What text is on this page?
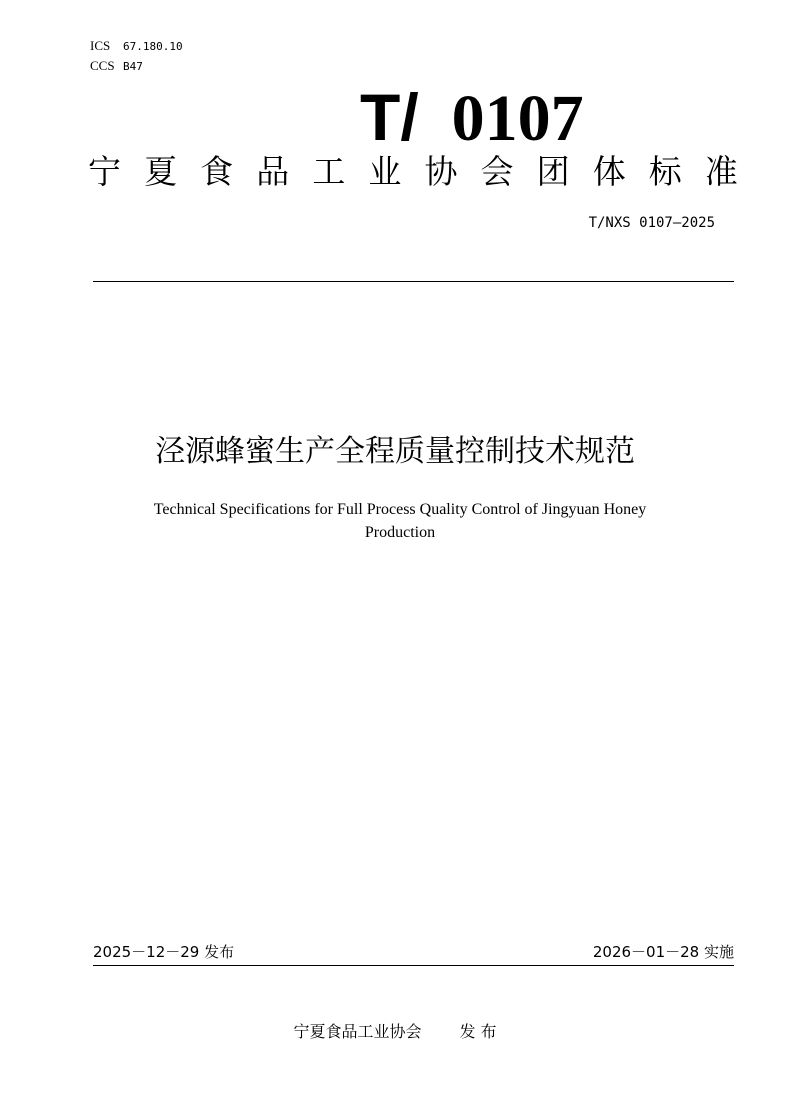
ICS 67.180.10
CCS B47
T/ 0107
宁 夏 食 品 工 业 协 会 团 体 标 准
T/NXS 0107—2025
泾源蜂蜜生产全程质量控制技术规范
Technical Specifications for Full Process Quality Control of Jingyuan Honey
Production
2025－12－29 发布	2026－01－28 实施
宁夏食品工业协会 发 布
